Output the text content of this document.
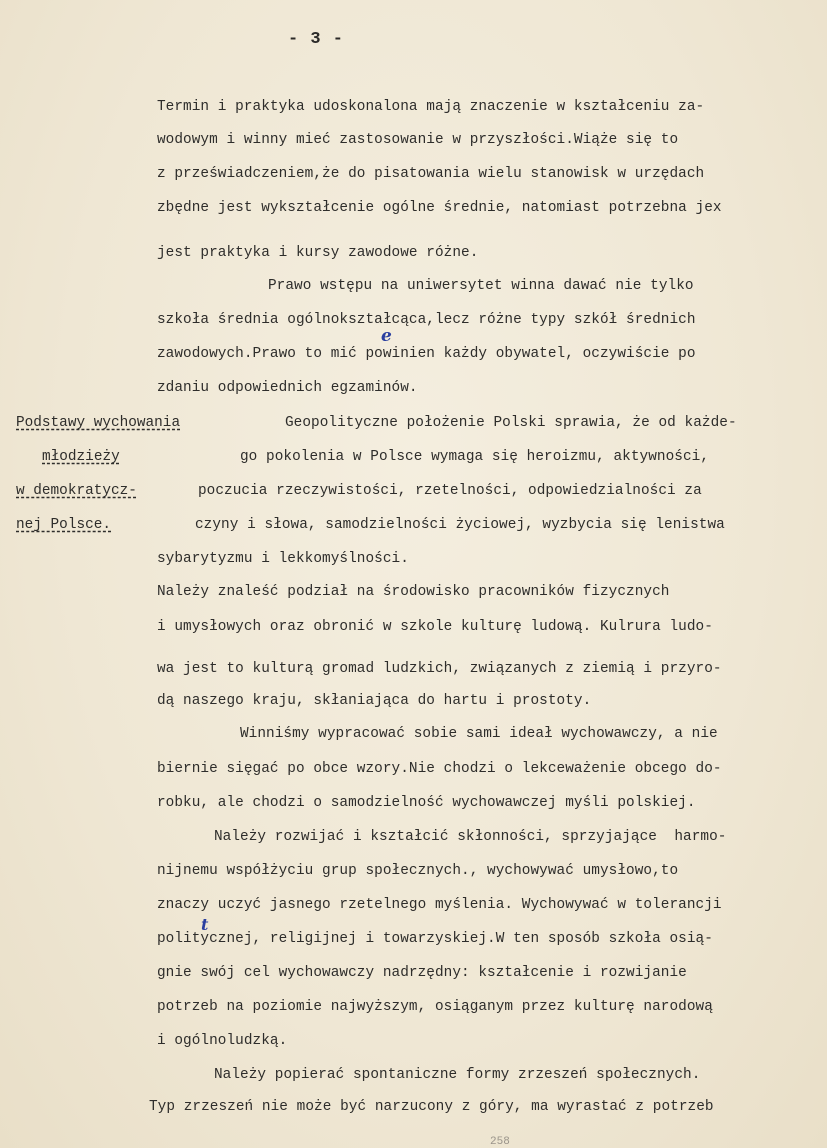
- 3 -
Termin i praktyka udoskonalona mają znaczenie w kształceniu za-
wodowym i winny mieć zastosowanie w przyszłości.Wiąże się to
z przeświadczeniem,że do pisatowania wielu stanowisk w urzędach
zbędne jest wykształcenie ogólne średnie, natomiast potrzebna jex
jest praktyka i kursy zawodowe różne.
Prawo wstępu na uniwersytet winna dawać nie tylko
szkoła średnia ogólnokształcąca,lecz różne typy szkół średnich
zawodowych.Prawo to mić powinien każdy obywatel, oczywiście po
zdaniu odpowiednich egzaminów.
Geopolityczne położenie Polski sprawia, że od każde-
go pokolenia w Polsce wymaga się heroizmu, aktywności,
poczucia rzeczywistości, rzetelności, odpowiedzialności za
czyny i słowa, samodzielności życiowej, wyzbycia się lenistwa
sybarytyzmu i lekkomyślności.
Należy znaleść podział na środowisko pracowników fizycznych
i umysłowych oraz obronić w szkole kulturę ludową. Kulrura ludo-
wa jest to kulturą gromad ludzkich, związanych z ziemią i przyro-
dą naszego kraju, skłaniająca do hartu i prostoty.
Winniśmy wypracować sobie sami ideał wychowawczy, a nie
biernie sięgać po obce wzory.Nie chodzi o lekceważenie obcego do-
robku, ale chodzi o samodzielność wychowawczej myśli polskiej.
Należy rozwijać i kształcić skłonności, sprzyjające  harmo-
nijnemu współżyciu grup społecznych., wychowywać umysłowo,to
znaczy uczyć jasnego rzetelnego myślenia. Wychowywać w tolerancji
politycznej, religijnej i towarzyskiej.W ten sposób szkoła osią-
gnie swój cel wychowawczy nadrzędny: kształcenie i rozwijanie
potrzeb na poziomie najwyższym, osiąganym przez kulturę narodową
i ogólnoludzką.
Należy popierać spontaniczne formy zrzeszeń społecznych.
Typ zrzeszeń nie może być narzucony z góry, ma wyrastać z potrzeb
Podstawy wychowania
młodzieży
w demokratycz-
nej Polsce.
e
t
258
